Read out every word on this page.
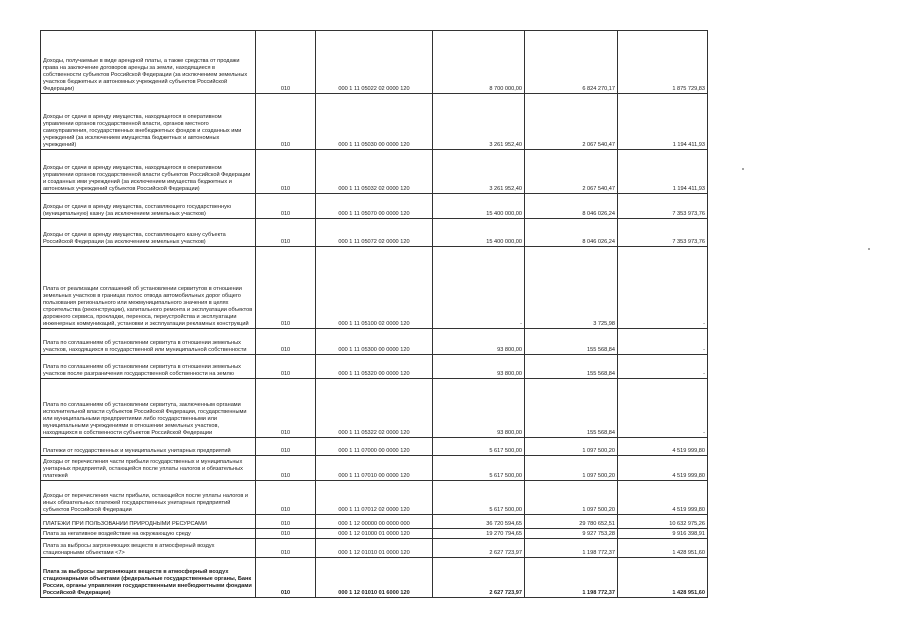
Доходы, получаемые в виде арендной платы, а также средства от продажи права на заключение договоров аренды за земли, находящиеся в собственности субъектов Российской Федерации (за исключением земельных участков бюджетных и автономных учреждений субъектов Российской Федерации)	010	000 1 11 05022 02 0000 120	8 700 000,00	6 824 270,17	1 875 729,83
Доходы от сдачи в аренду имущества, находящегося в оперативном управлении органов государственной власти, органов местного самоуправления, государственных внебюджетных фондов и созданных ими учреждений (за исключением имущества бюджетных и автономных учреждений)	010	000 1 11 05030 00 0000 120	3 261 952,40	2 067 540,47	1 194 411,93
Доходы от сдачи в аренду имущества, находящегося в оперативном управлении органов государственной власти субъектов Российской Федерации и созданных ими учреждений (за исключением имущества бюджетных и автономных учреждений субъектов Российской Федерации)	010	000 1 11 05032 02 0000 120	3 261 952,40	2 067 540,47	1 194 411,93
Доходы от сдачи в аренду имущества, составляющего государственную (муниципальную) казну (за исключением земельных участков)	010	000 1 11 05070 00 0000 120	15 400 000,00	8 046 026,24	7 353 973,76
Доходы от сдачи в аренду имущества, составляющего казну субъекта Российской Федерации (за исключением земельных участков)	010	000 1 11 05072 02 0000 120	15 400 000,00	8 046 026,24	7 353 973,76
Плата от реализации соглашений об установлении сервитутов в отношении земельных участков в границах полос отвода автомобильных дорог общего пользования регионального или межмуниципального значения в целях строительства (реконструкции), капитального ремонта и эксплуатации объектов дорожного сервиса, прокладки, переноса, переустройства и эксплуатации инженерных коммуникаций, установки и эксплуатации рекламных конструкций	010	000 1 11 05100 02 0000 120	-	3 725,98	-
Плата по соглашениям об установлении сервитута в отношении земельных участков, находящихся в государственной или муниципальной собственности	010	000 1 11 05300 00 0000 120	93 800,00	155 568,84	-
Плата по соглашениям об установлении сервитута в отношении земельных участков после разграничения государственной собственности на землю	010	000 1 11 05320 00 0000 120	93 800,00	155 568,84	-
Плата по соглашениям об установлении сервитута, заключенным органами исполнительной власти субъектов Российской Федерации, государственными или муниципальными предприятиями либо государственными или муниципальными учреждениями в отношении земельных участков, находящихся в собственности субъектов Российской Федерации	010	000 1 11 05322 02 0000 120	93 800,00	155 568,84	-
Платежи от государственных и муниципальных унитарных предприятий	010	000 1 11 07000 00 0000 120	5 617 500,00	1 097 500,20	4 519 999,80
Доходы от перечисления части прибыли государственных и муниципальных унитарных предприятий, остающейся после уплаты налогов и обязательных платежей	010	000 1 11 07010 00 0000 120	5 617 500,00	1 097 500,20	4 519 999,80
Доходы от перечисления части прибыли, остающейся после уплаты налогов и иных обязательных платежей государственных унитарных предприятий субъектов Российской Федерации	010	000 1 11 07012 02 0000 120	5 617 500,00	1 097 500,20	4 519 999,80
ПЛАТЕЖИ ПРИ ПОЛЬЗОВАНИИ ПРИРОДНЫМИ РЕСУРСАМИ	010	000 1 12 00000 00 0000 000	36 720 594,65	29 780 652,51	10 632 975,26
Плата за негативное воздействие на окружающую среду	010	000 1 12 01000 01 0000 120	19 270 794,65	9 927 753,28	9 916 398,91
Плата за выбросы загрязняющих веществ в атмосферный воздух стационарными объектами <7>	010	000 1 12 01010 01 0000 120	2 627 723,97	1 198 772,37	1 428 951,60
Плата за выбросы загрязняющих веществ в атмосферный воздух стационарными объектами (федеральные государственные органы, Банк России, органы управления государственными внебюджетными фондами Российской Федерации)	010	000 1 12 01010 01 6000 120	2 627 723,97	1 198 772,37	1 428 951,60
